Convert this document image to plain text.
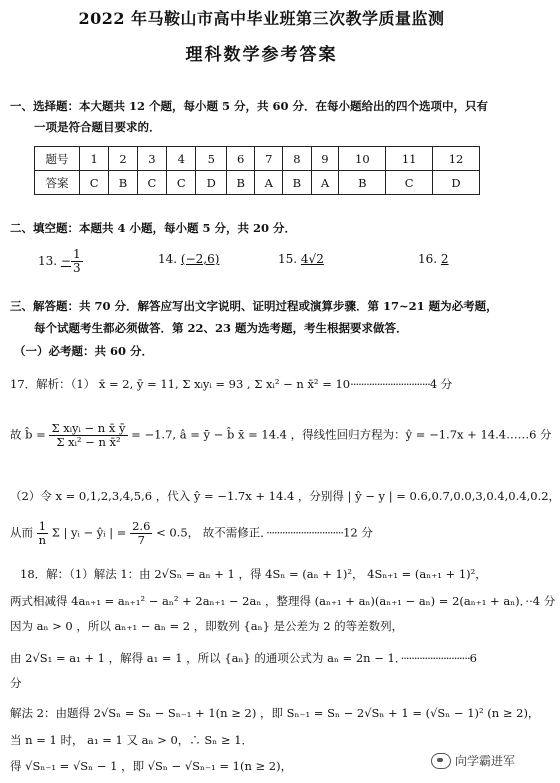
2022 年马鞍山市高中毕业班第三次教学质量监测
理科数学参考答案
一、选择题：本大题共 12 个题，每小题 5 分，共 60 分．在每小题给出的四个选项中，只有
一项是符合题目要求的．
题号	1	2	3	4	5	6	7	8	9	10	11	12
答案	C	B	C	C	D	B	A	B	A	B	C	D
二、填空题：本题共 4 小题，每小题 5 分，共 20 分．
13. − $\frac{1}{3}$	14. (−2,6)	15. 4√2	16. 2
三、解答题：共 70 分．解答应写出文字说明、证明过程或演算步骤．第 17~21 题为必考题，
每个试题考生都必须做答．第 22、23 题为选考题，考生根据要求做答．
（一）必考题：共 60 分．
17．解析：（1） x̄ = 2, ȳ = 11, Σ xᵢyᵢ = 93 , Σ xᵢ² − n x̄² = 10······························4 分
故 b̂ = $\frac{\text{Σ xᵢyᵢ − n x̄ ȳ}}{\text{Σ xᵢ² − n x̄²}} = -1.7$, â = ȳ − b̂ x̄ = 14.4 ，得线性回归方程为：ŷ = −1.7x + 14.4……6 分
（2）令 x = 0,1,2,3,4,5,6 ，代入 ŷ = −1.7x + 14.4 ，分别得 | ŷ − y | = 0.6,0.7,0.0,3,0.4,0.4,0.2，
从而 $\frac{1}{n}$ Σ | yᵢ − ŷᵢ | = $\frac{2.6}{7} < 0.5$， 故不需修正．·····························12 分
18．解：（1）解法 1：由 2√Sₙ = aₙ + 1 ，得 4Sₙ = (aₙ + 1)²， 4Sₙ₊₁ = (aₙ₊₁ + 1)²，
两式相减得 4aₙ₊₁ = aₙ₊₁² − aₙ² + 2aₙ₊₁ − 2aₙ ，整理得 (aₙ₊₁ + aₙ)(aₙ₊₁ − aₙ) = 2(aₙ₊₁ + aₙ)．··4 分
因为 aₙ > 0 ，所以 aₙ₊₁ − aₙ = 2 ，即数列 {aₙ} 是公差为 2 的等差数列，
由 2√S₁ = a₁ + 1 ，解得 a₁ = 1 ，所以 {aₙ} 的通项公式为 aₙ = 2n − 1．··························6
分
解法 2：由题得 2√Sₙ = Sₙ − Sₙ₋₁ + 1(n ≥ 2) ，即 Sₙ₋₁ = Sₙ − 2√Sₙ + 1 = (√Sₙ − 1)² (n ≥ 2)，
当 n = 1 时， a₁ = 1 又 aₙ > 0，∴ Sₙ ≥ 1．
得 √Sₙ₋₁ = √Sₙ − 1 ，即 √Sₙ − √Sₙ₋₁ = 1(n ≥ 2)，	向学霸进军
